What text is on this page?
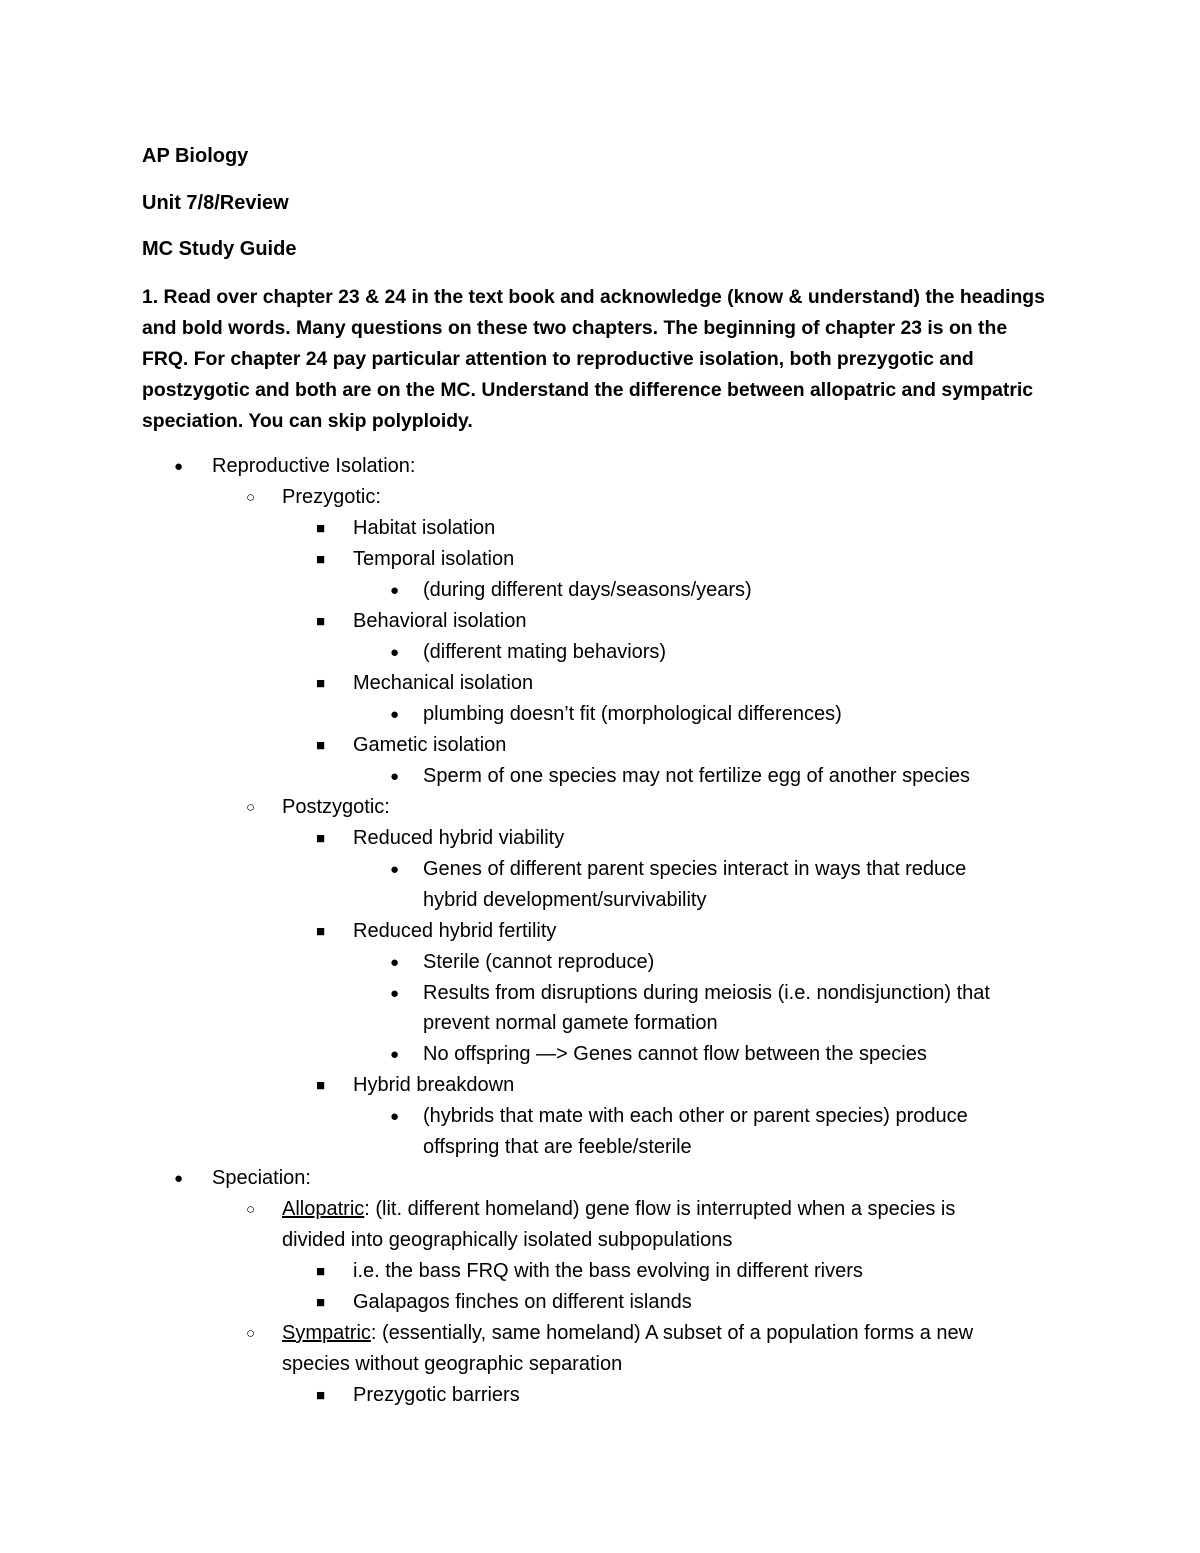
AP Biology
Unit 7/8/Review
MC Study Guide
1. Read over chapter 23 & 24 in the text book and acknowledge (know & understand) the headings and bold words. Many questions on these two chapters. The beginning of chapter 23 is on the FRQ. For chapter 24 pay particular attention to reproductive isolation, both prezygotic and postzygotic and both are on the MC. Understand the difference between allopatric and sympatric speciation. You can skip polyploidy.
● Reproductive Isolation:
○ Prezygotic:
■ Habitat isolation
■ Temporal isolation
● (during different days/seasons/years)
■ Behavioral isolation
● (different mating behaviors)
■ Mechanical isolation
● plumbing doesn’t fit (morphological differences)
■ Gametic isolation
● Sperm of one species may not fertilize egg of another species
○ Postzygotic:
■ Reduced hybrid viability
● Genes of different parent species interact in ways that reduce
hybrid development/survivability
■ Reduced hybrid fertility
● Sterile (cannot reproduce)
● Results from disruptions during meiosis (i.e. nondisjunction) that
prevent normal gamete formation
● No offspring —> Genes cannot flow between the species
■ Hybrid breakdown
● (hybrids that mate with each other or parent species) produce
offspring that are feeble/sterile
● Speciation:
○ Allopatric: (lit. different homeland) gene flow is interrupted when a species is
divided into geographically isolated subpopulations
■ i.e. the bass FRQ with the bass evolving in different rivers
■ Galapagos finches on different islands
○ Sympatric: (essentially, same homeland) A subset of a population forms a new
species without geographic separation
■ Prezygotic barriers
